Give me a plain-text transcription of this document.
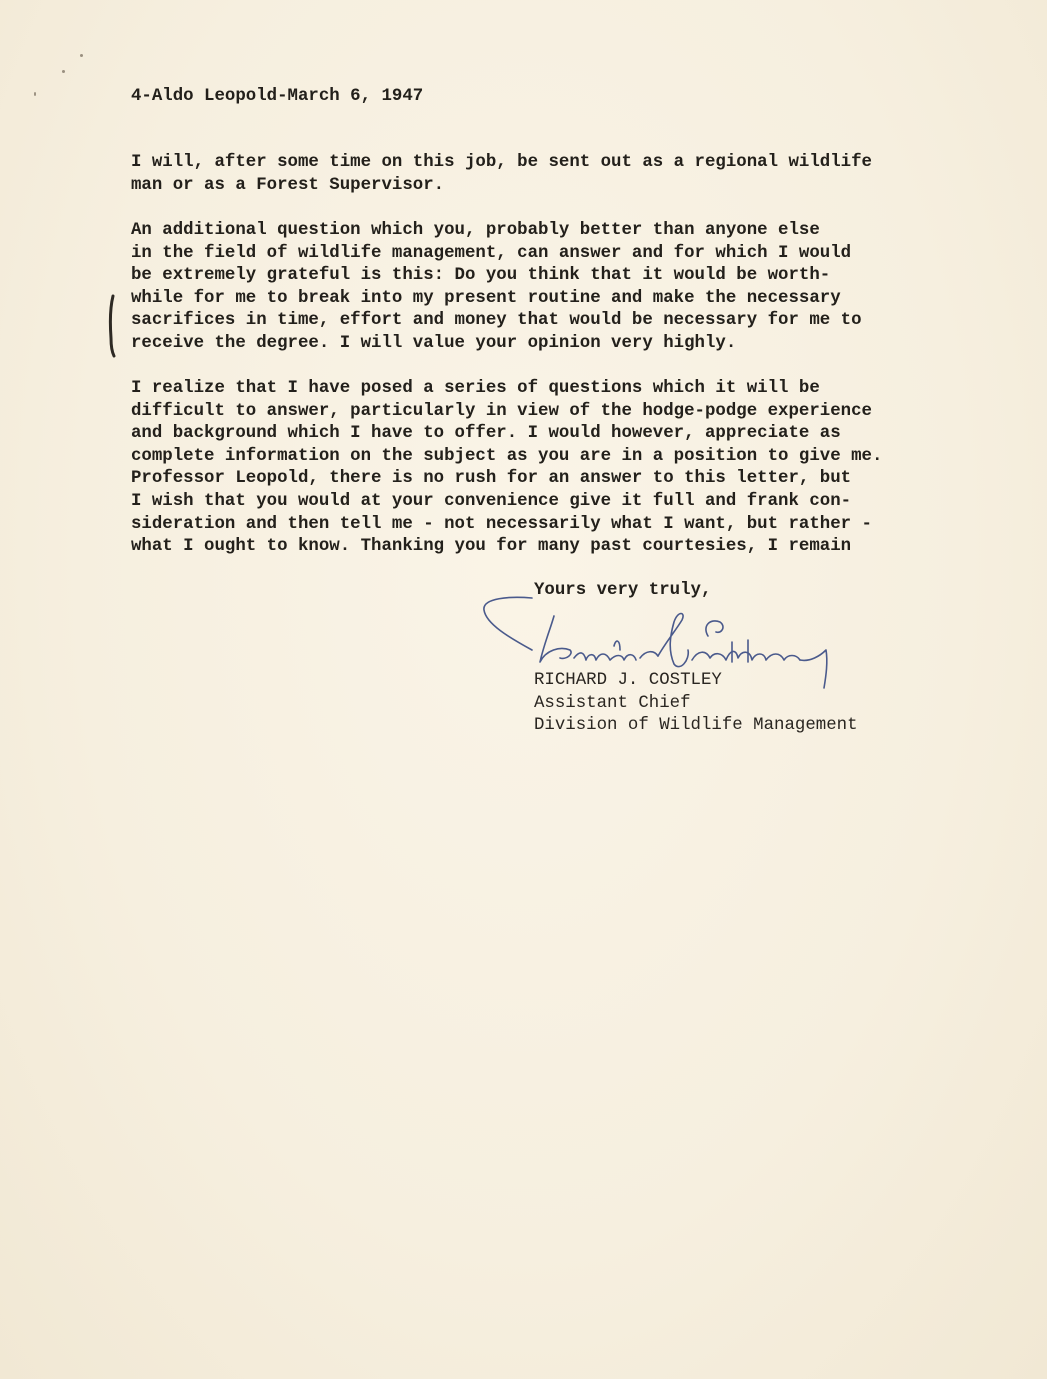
4-Aldo Leopold-March 6, 1947
I will, after some time on this job, be sent out as a regional wildlife
man or as a Forest Supervisor.
An additional question which you, probably better than anyone else
in the field of wildlife management, can answer and for which I would
be extremely grateful is this: Do you think that it would be worth-
while for me to break into my present routine and make the necessary
sacrifices in time, effort and money that would be necessary for me to
receive the degree. I will value your opinion very highly.
I realize that I have posed a series of questions which it will be
difficult to answer, particularly in view of the hodge-podge experience
and background which I have to offer. I would however, appreciate as
complete information on the subject as you are in a position to give me.
Professor Leopold, there is no rush for an answer to this letter, but
I wish that you would at your convenience give it full and frank con-
sideration and then tell me - not necessarily what I want, but rather -
what I ought to know. Thanking you for many past courtesies, I remain
Yours very truly,
RICHARD J. COSTLEY
Assistant Chief
Division of Wildlife Management
